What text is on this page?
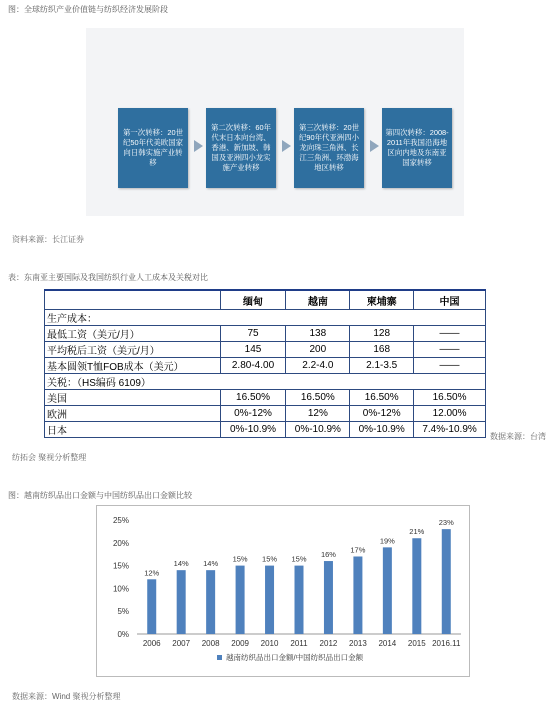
图：全球纺织产业价值链与纺织经济发展阶段
第一次转移：20世纪50年代美欧国家向日韩实施产业转移
第二次转移：60年代末日本向台湾、香港、新加坡、韩国及亚洲四小龙实施产业转移
第三次转移：20世纪90年代亚洲四小龙向珠三角洲、长江三角洲、环渤海地区转移
第四次转移：2008-2011年我国沿海地区向内地及东南亚国家转移
资料来源：长江证券
表：东南亚主要国际及我国纺织行业人工成本及关税对比
	缅甸	越南	柬埔寨	中国
生产成本：				
最低工资（美元/月）	75	138	128	——
平均税后工资（美元/月）	145	200	168	——
基本圆领T恤FOB成本（美元）	2.80-4.00	2.2-4.0	2.1-3.5	——
关税：（HS编码 6109）				
美国	16.50%	16.50%	16.50%	16.50%
欧洲	0%-12%	12%	0%-12%	12.00%
日本	0%-10.9%	0%-10.9%	0%-10.9%	7.4%-10.9%
数据来源：台湾
纺拓会 聚视分析整理
图：越南纺织品出口金额与中国纺织品出口金额比较
0%
5%
10%
15%
20%
25%
12%
2006
14%
2007
14%
2008
15%
2009
15%
2010
15%
2011
16%
2012
17%
2013
19%
2014
21%
2015
23%
2016.11
越南纺织品出口金额/中国纺织品出口金额
数据来源：Wind 聚视分析整理
